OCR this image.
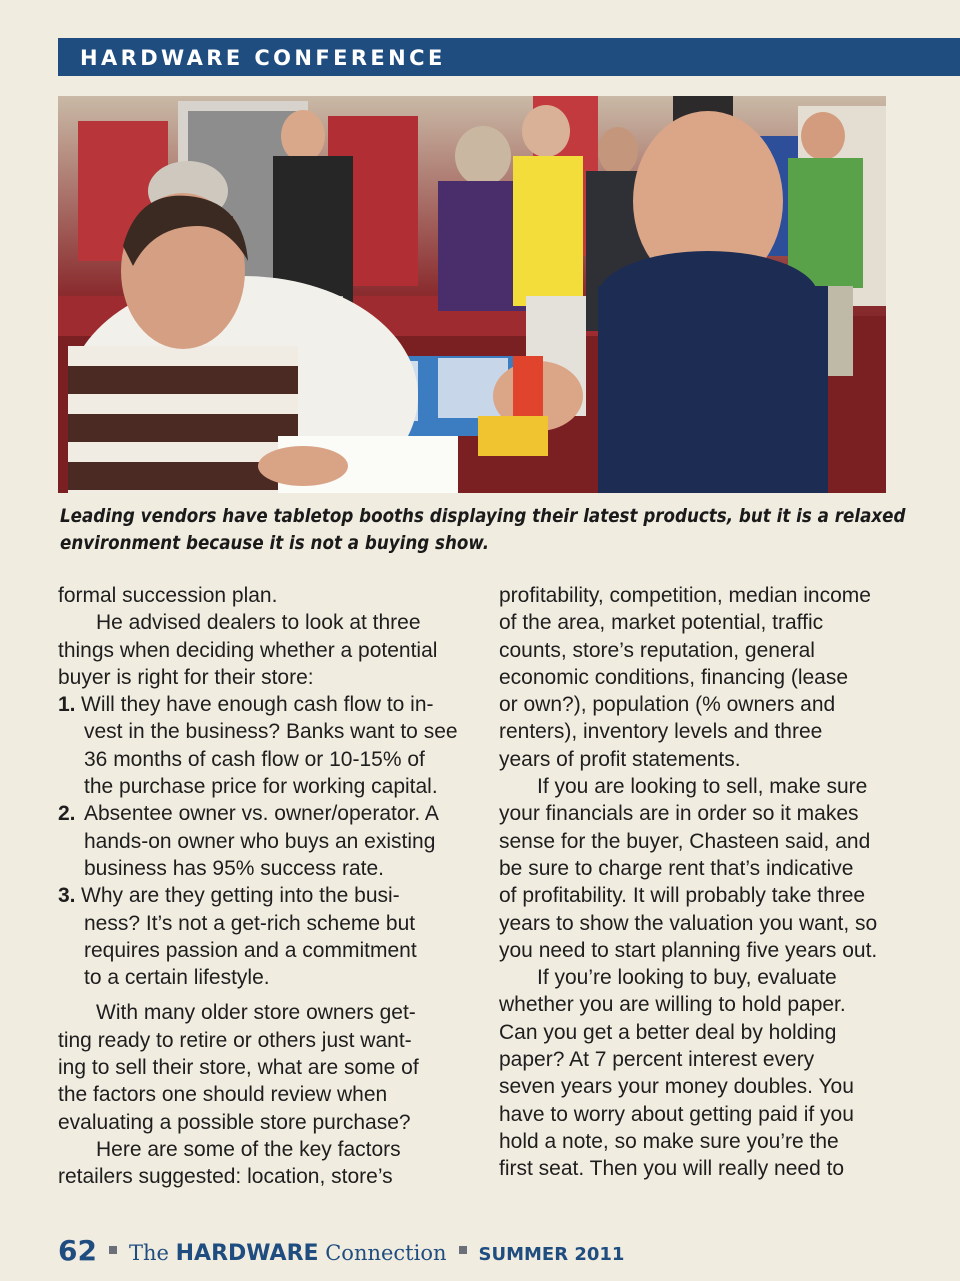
HARDWARE CONFERENCE
Leading vendors have tabletop booths displaying their latest products, but it is a relaxed
environment because it is not a buying show.

formal succession plan.

He advised dealers to look at three

things when deciding whether a potential

buyer is right for their store:

1. Will they have enough cash flow to in-
vest in the business? Banks want to see
36 months of cash flow or 10-15% of
the purchase price for working capital.
2. Absentee owner vs. owner/operator. A
hands-on owner who buys an existing
business has 95% success rate.
3. Why are they getting into the busi-
ness? It’s not a get-rich scheme but
requires passion and a commitment
to a certain lifestyle.

With many older store owners get-

ting ready to retire or others just want-

ing to sell their store, what are some of

the factors one should review when

evaluating a possible store purchase?

Here are some of the key factors

retailers suggested: location, store’s

profitability, competition, median income

of the area, market potential, traffic

counts, store’s reputation, general

economic conditions, financing (lease

or own?), population (% owners and

renters), inventory levels and three

years of profit statements.

If you are looking to sell, make sure

your financials are in order so it makes

sense for the buyer, Chasteen said, and

be sure to charge rent that’s indicative

of profitability. It will probably take three

years to show the valuation you want, so

you need to start planning five years out.

If you’re looking to buy, evaluate

whether you are willing to hold paper.

Can you get a better deal by holding

paper? At 7 percent interest every

seven years your money doubles. You

have to worry about getting paid if you

hold a note, so make sure you’re the

first seat. Then you will really need to

62 The HARDWARE Connection SUMMER 2011
